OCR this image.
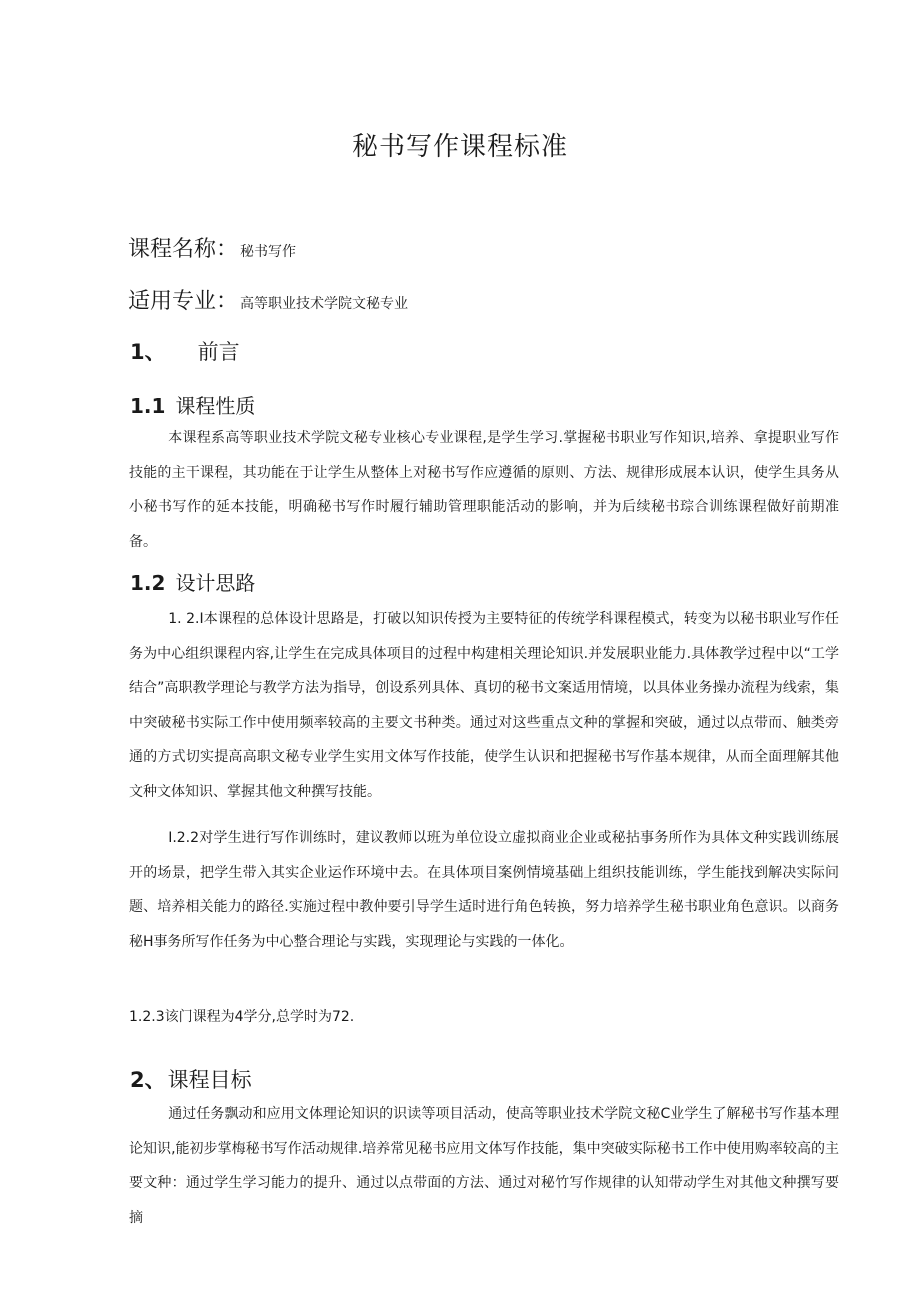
秘书写作课程标准
课程名称： 秘书写作
适用专业： 高等职业技术学院文秘专业
1、 前言
1.1 课程性质
本课程系高等职业技术学院文秘专业核心专业课程,是学生学习.掌握秘书职业写作知识,培养、拿提职业写作技能的主干课程，其功能在于让学生从整体上对秘书写作应遵循的原则、方法、规律形成展本认识，使学生具务从小秘书写作的延本技能，明确秘书写作时履行辅助管理职能活动的影响，并为后续秘书琮合训练课程做好前期准备。
1.2 设计思路
1. 2.I本课程的总体设计思路是，打破以知识传授为主要特征的传统学科课程模式，转变为以秘书职业写作任务为中心组织课程内容,让学生在完成具体项目的过程中构建相关理论知识.并发展职业能力.具体教学过程中以“工学结合”高职教学理论与教学方法为指导，创设系列具体、真切的秘书文案适用情境，以具体业务操办流程为线索，集中突破秘书实际工作中使用频率较高的主要文书种类。通过对这些重点文种的掌握和突破，通过以点带而、触类旁通的方式切实提高高职文秘专业学生实用文体写作技能，使学生认识和把握秘书写作基本规律，从而全面理解其他文种文体知识、掌握其他文种撰写技能。
I.2.2对学生进行写作训练时，建议教师以班为单位设立虚拟商业企业或秘拈事务所作为具体文种实践训练展开的场景，把学生带入其实企业运作环境中去。在具体项目案例情境基础上组织技能训练，学生能找到解决实际问题、培养相关能力的路径.实施过程中教仲要引导学生适时进行角色转换，努力培养学生秘书职业角色意识。以商务秘H事务所写作任务为中心整合理论与实践，实现理论与实践的一体化。
1.2.3该门课程为4学分,总学时为72.
2、课程目标
通过任务飘动和应用文体理论知识的识读等项目活动，使高等职业技术学院文秘C业学生了解秘书写作基本理论知识,能初步掌梅秘书写作活动规律.培养常见秘书应用文体写作技能，集中突破实际秘书工作中使用购率较高的主要文种：通过学生学习能力的提升、通过以点带面的方法、通过对秘竹写作规律的认知带动学生对其他文种撰写要摘
